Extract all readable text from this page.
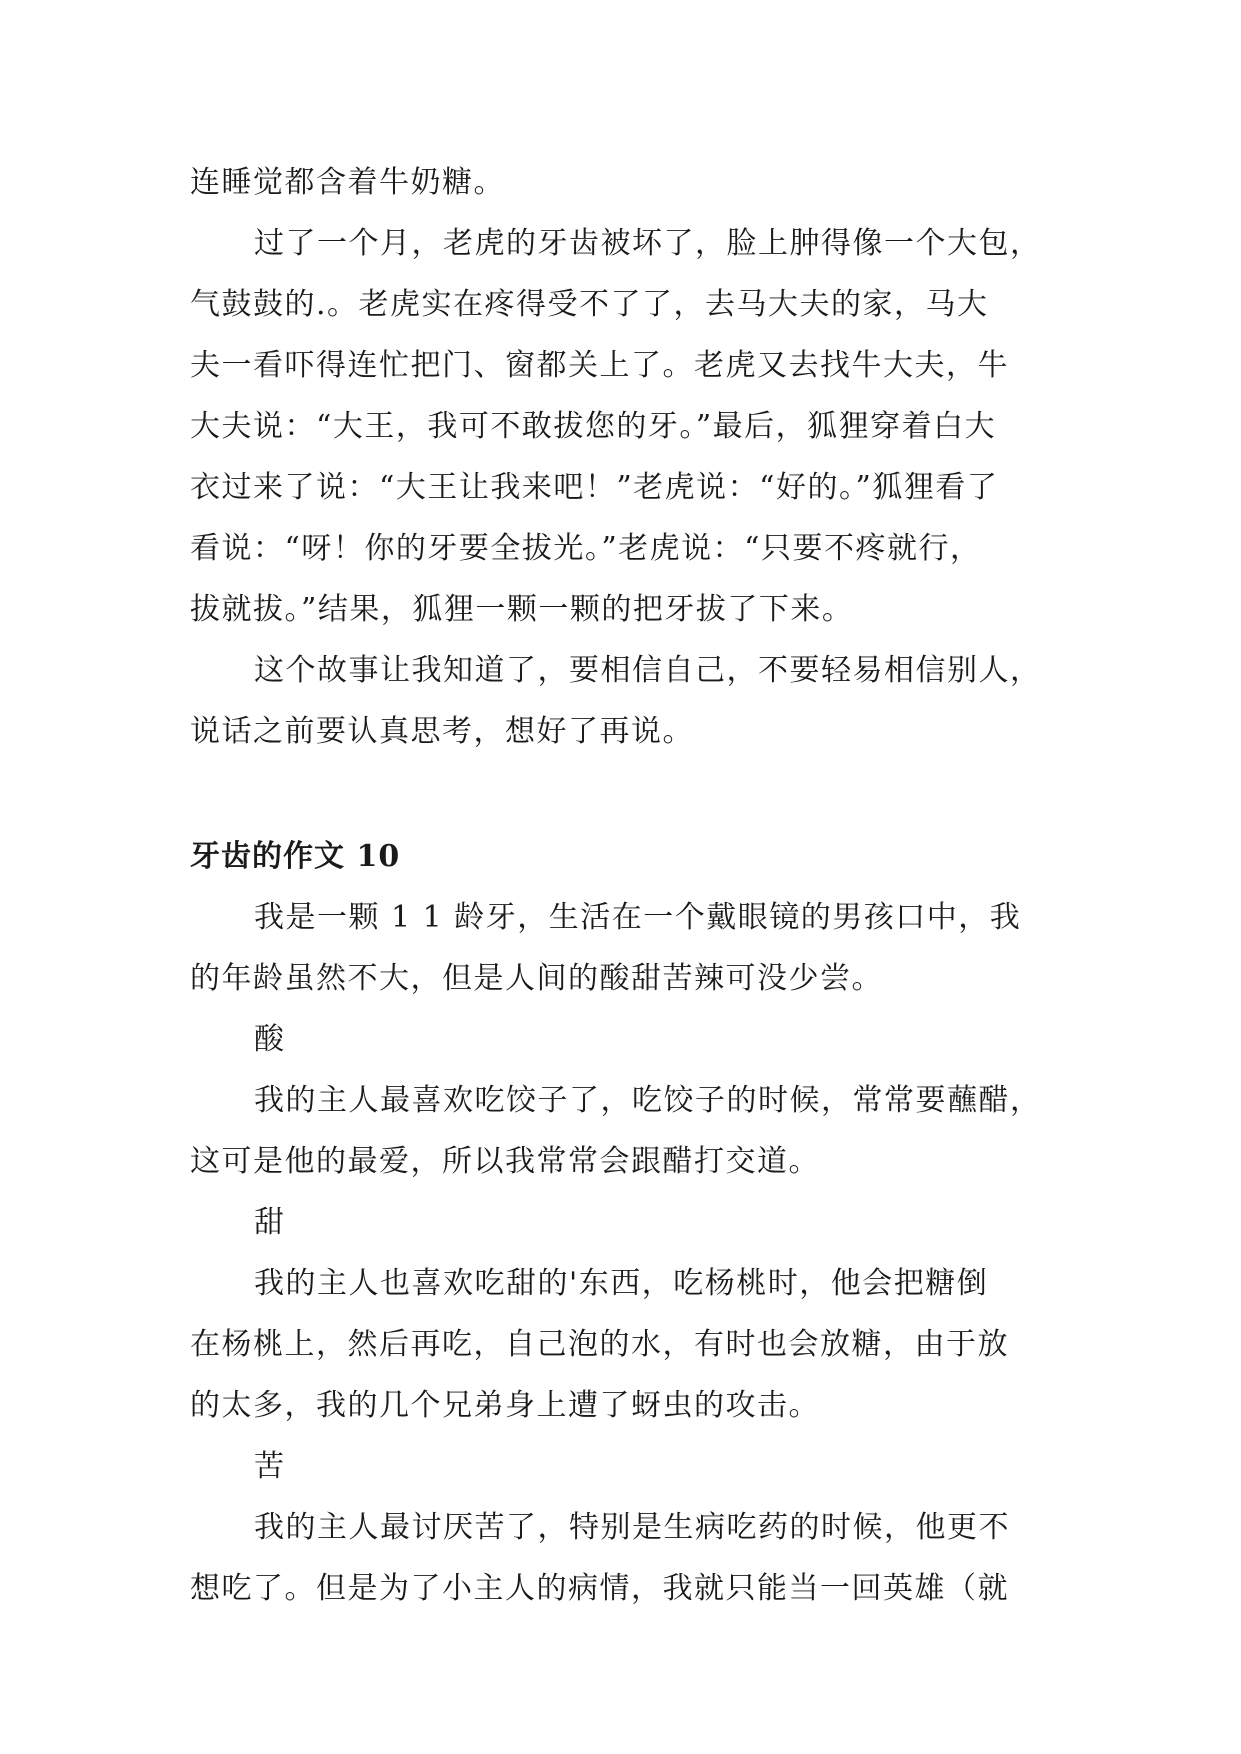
连睡觉都含着牛奶糖。

过了一个月，老虎的牙齿被坏了，脸上肿得像一个大包，
气鼓鼓的.。老虎实在疼得受不了了，去马大夫的家，马大
夫一看吓得连忙把门、窗都关上了。老虎又去找牛大夫，牛
大夫说：“大王，我可不敢拔您的牙。”最后，狐狸穿着白大
衣过来了说：“大王让我来吧！”老虎说：“好的。”狐狸看了
看说：“呀！你的牙要全拔光。”老虎说：“只要不疼就行，
拔就拔。”结果，狐狸一颗一颗的把牙拔了下来。

这个故事让我知道了，要相信自己，不要轻易相信别人，
说话之前要认真思考，想好了再说。

牙齿的作文 10

我是一颗 1 1 龄牙，生活在一个戴眼镜的男孩口中，我
的年龄虽然不大，但是人间的酸甜苦辣可没少尝。

酸

我的主人最喜欢吃饺子了，吃饺子的时候，常常要蘸醋，
这可是他的最爱，所以我常常会跟醋打交道。

甜

我的主人也喜欢吃甜的'东西，吃杨桃时，他会把糖倒
在杨桃上，然后再吃，自己泡的水，有时也会放糖，由于放
的太多，我的几个兄弟身上遭了蚜虫的攻击。

苦

我的主人最讨厌苦了，特别是生病吃药的时候，他更不
想吃了。但是为了小主人的病情，我就只能当一回英雄（就
